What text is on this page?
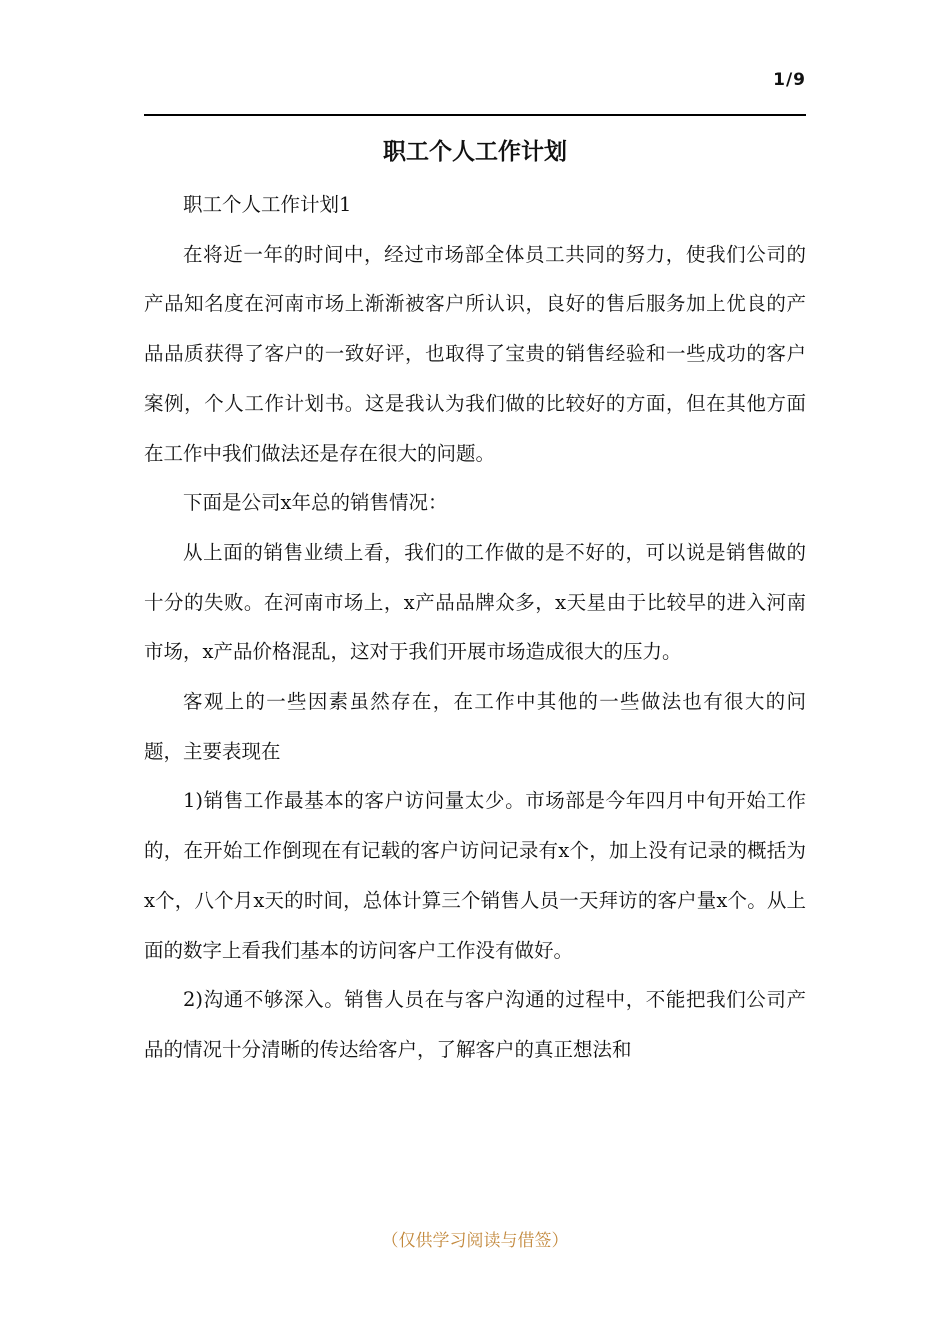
1/9
职工个人工作计划

职工个人工作计划1

在将近一年的时间中，经过市场部全体员工共同的努力，使我们公司的产品知名度在河南市场上渐渐被客户所认识，良好的售后服务加上优良的产品品质获得了客户的一致好评，也取得了宝贵的销售经验和一些成功的客户案例，个人工作计划书。这是我认为我们做的比较好的方面，但在其他方面在工作中我们做法还是存在很大的问题。

下面是公司x年总的销售情况：

从上面的销售业绩上看，我们的工作做的是不好的，可以说是销售做的十分的失败。在河南市场上，x产品品牌众多，x天星由于比较早的进入河南市场，x产品价格混乱，这对于我们开展市场造成很大的压力。

客观上的一些因素虽然存在，在工作中其他的一些做法也有很大的问题，主要表现在

1)销售工作最基本的客户访问量太少。市场部是今年四月中旬开始工作的，在开始工作倒现在有记载的客户访问记录有x个，加上没有记录的概括为x个，八个月x天的时间，总体计算三个销售人员一天拜访的客户量x个。从上面的数字上看我们基本的访问客户工作没有做好。

2)沟通不够深入。销售人员在与客户沟通的过程中，不能把我们公司产品的情况十分清晰的传达给客户，了解客户的真正想法和

（仅供学习阅读与借签）
